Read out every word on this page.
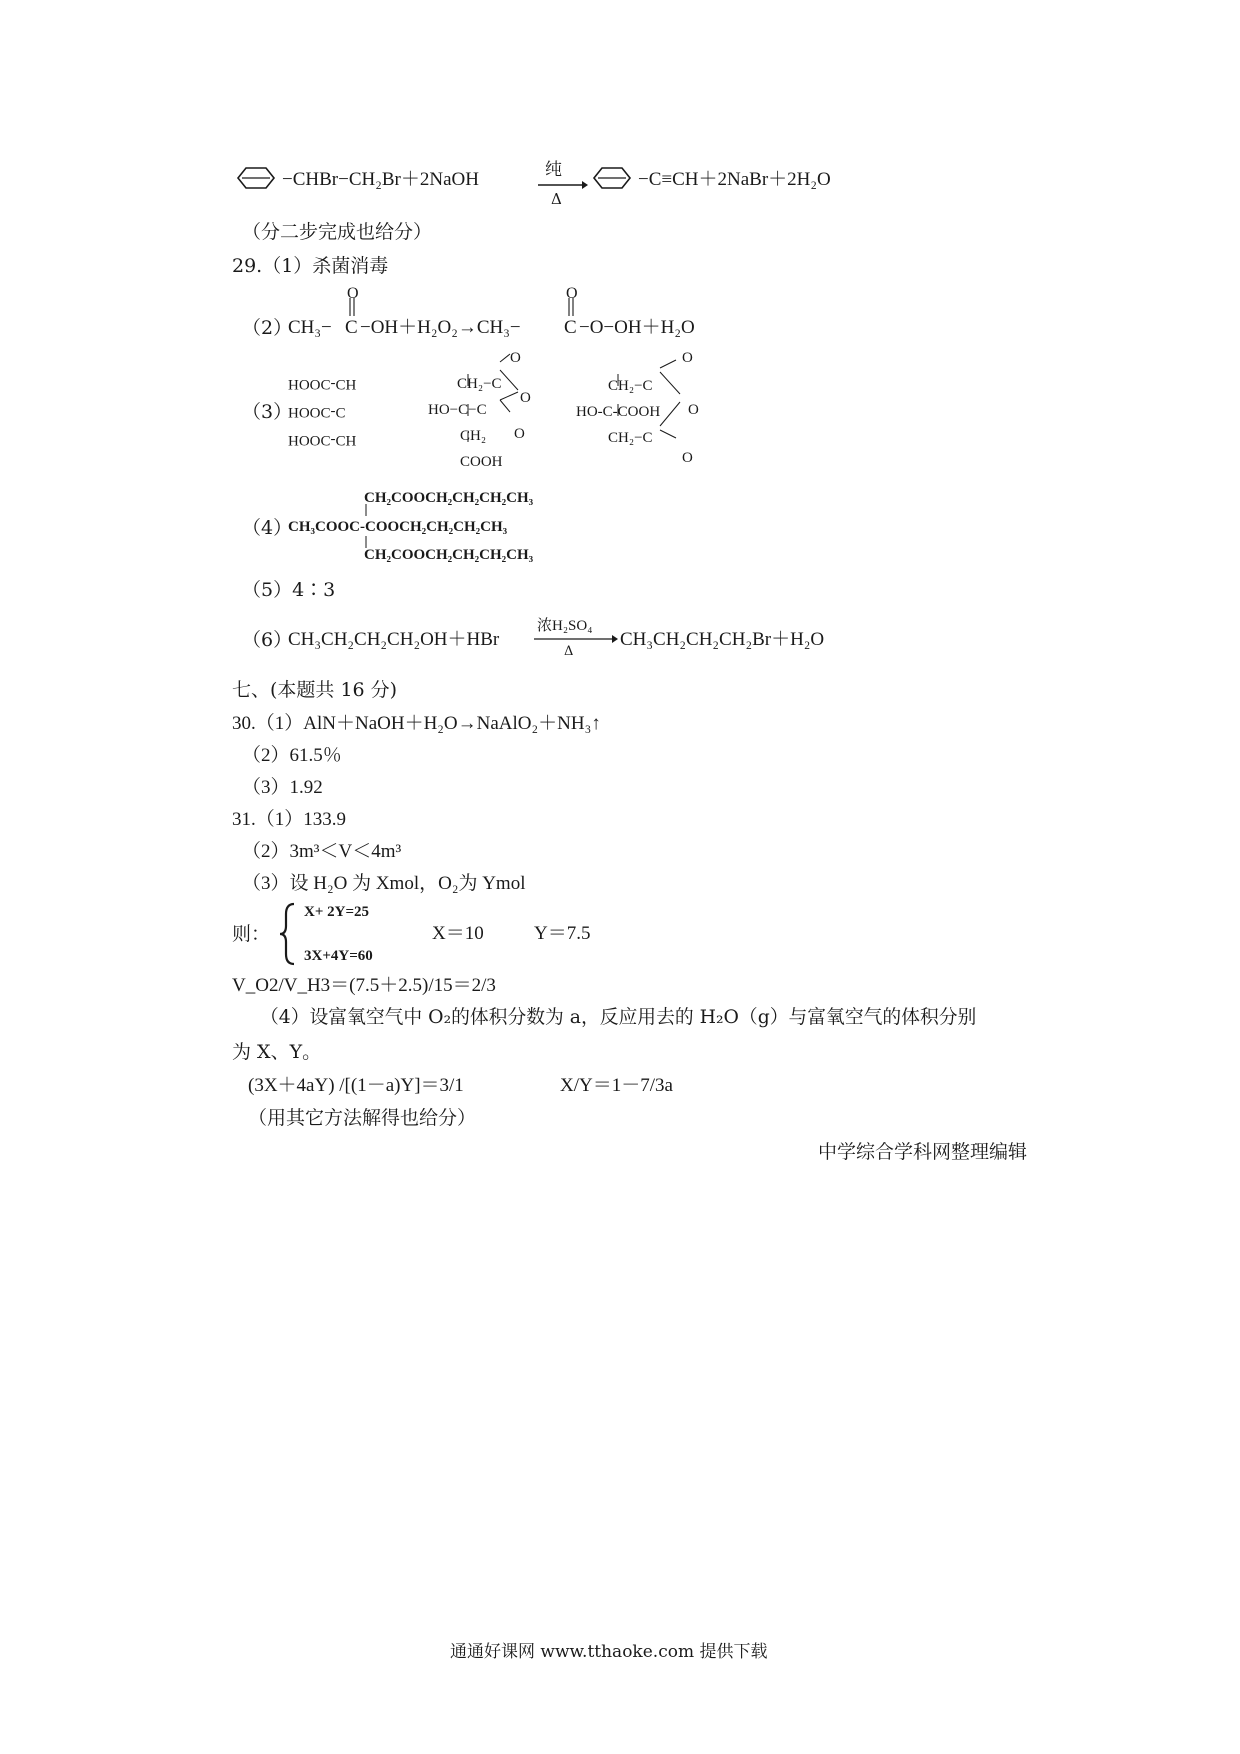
−CHBr−CH₂Br＋2NaOH	纯
Δ
−C≡CH＋2NaBr＋2H₂O
（分二步完成也给分）
29.（1）杀菌消毒
（2）
CH₃−
O
C −OH＋H₂O₂→CH₃−
O
C −O−OH＋H₂O
（3）
HOOC-CH
HOOC-C
HOOC-CH	CH₂−C
O
HO−C−C
O
O
CH₂
COOH
CH₂−C
O
HO-C-COOH O
CH₂−C
O
（4）
CH₂COOCH₂CH₂CH₂CH₃
CH₃COOC-COOCH₂CH₂CH₂CH₃
CH₂COOCH₂CH₂CH₂CH₃
（5）4∶3
（6）
CH₃CH₂CH₂CH₂OH＋HBr
浓H₂SO₄
Δ
CH₃CH₂CH₂CH₂Br＋H₂O
七、(本题共 16 分)
30.（1）AlN＋NaOH＋H₂O→NaAlO₂＋NH₃↑
（2）61.5％
（3）1.92
31.（1）133.9
（2）3m³＜V＜4m³
（3）设 H₂O 为 Xmol，O₂为 Ymol
则：
X+ 2Y=25
3X+4Y=60
X＝10	Y＝7.5
V_O2/V_H3＝(7.5＋2.5)/15＝2/3
（4）设富氧空气中 O₂的体积分数为 a，反应用去的 H₂O（g）与富氧空气的体积分别
为 X、Y。
(3X＋4aY) /[(1－a)Y]＝3/1	X/Y＝1－7/3a
（用其它方法解得也给分）
中学综合学科网整理编辑
通通好课网 www.tthaoke.com 提供下载
